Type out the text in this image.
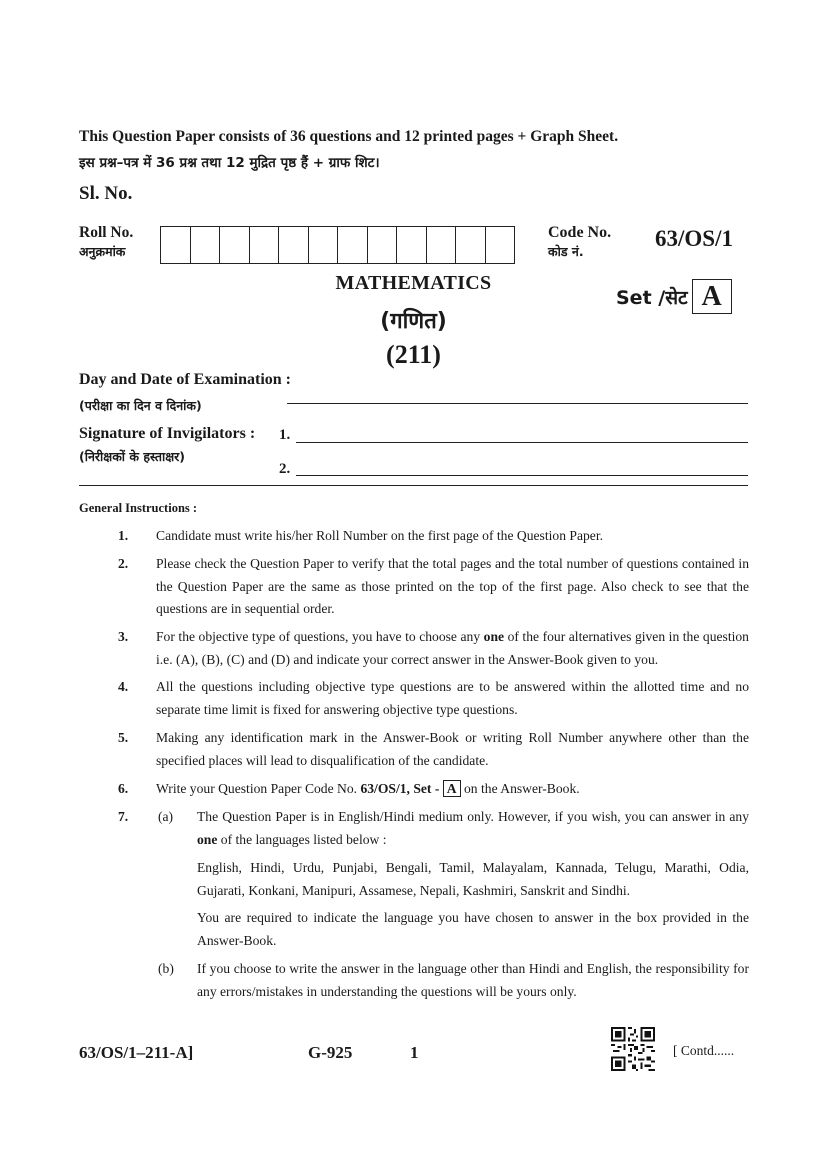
This Question Paper consists of 36 questions and 12 printed pages + Graph Sheet.
इस प्रश्न–पत्र में 36 प्रश्न तथा 12 मुद्रित पृष्ठ हैं + ग्राफ शिट।
Sl. No.
Roll No.
अनुक्रमांक
Code No.
कोड नं.
63/OS/1
MATHEMATICS
(गणित)
(211)
Set /सेट A
Day and Date of Examination :
(परीक्षा का दिन व दिनांक)
Signature of Invigilators :
(निरीक्षकों के हस्ताक्षर)
1.
2.
General Instructions :
1. Candidate must write his/her Roll Number on the first page of the Question Paper.
2. Please check the Question Paper to verify that the total pages and the total number of questions contained in the Question Paper are the same as those printed on the top of the first page. Also check to see that the questions are in sequential order.
3. For the objective type of questions, you have to choose any one of the four alternatives given in the question i.e. (A), (B), (C) and (D) and indicate your correct answer in the Answer-Book given to you.
4. All the questions including objective type questions are to be answered within the allotted time and no separate time limit is fixed for answering objective type questions.
5. Making any identification mark in the Answer-Book or writing Roll Number anywhere other than the specified places will lead to disqualification of the candidate.
6. Write your Question Paper Code No. 63/OS/1, Set - A on the Answer-Book.
7. (a) The Question Paper is in English/Hindi medium only. However, if you wish, you can answer in any one of the languages listed below :
English, Hindi, Urdu, Punjabi, Bengali, Tamil, Malayalam, Kannada, Telugu, Marathi, Odia, Gujarati, Konkani, Manipuri, Assamese, Nepali, Kashmiri, Sanskrit and Sindhi.
You are required to indicate the language you have chosen to answer in the box provided in the Answer-Book.
(b) If you choose to write the answer in the language other than Hindi and English, the responsibility for any errors/mistakes in understanding the questions will be yours only.
63/OS/1–211-A]	G-925	1	[ Contd......
